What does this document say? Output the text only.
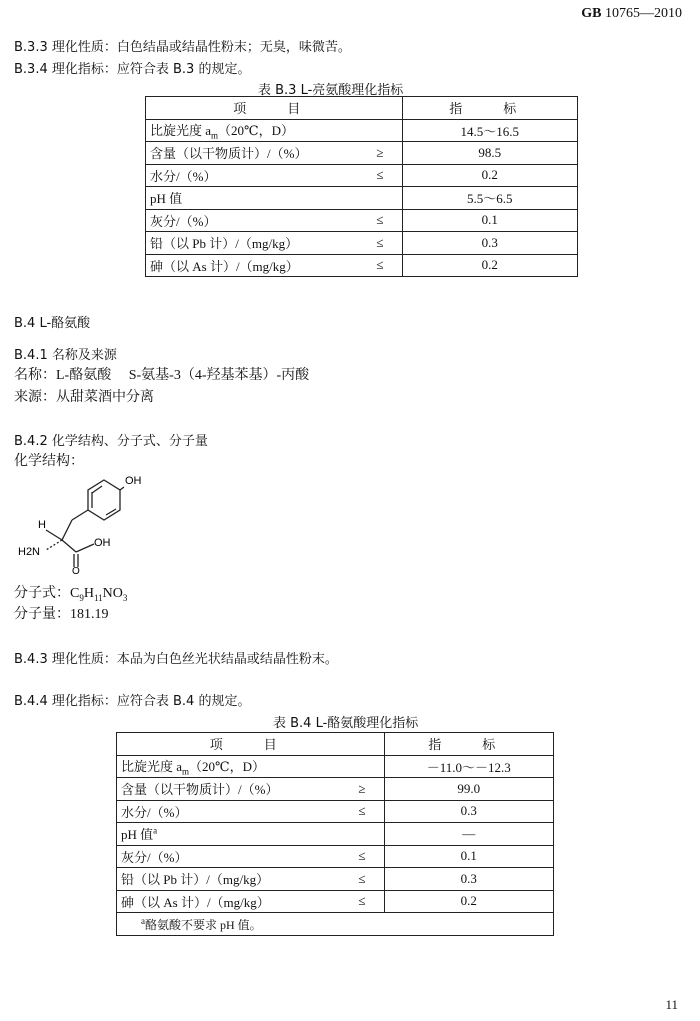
GB 10765—2010
B.3.3 理化性质：白色结晶或结晶性粉末；无臭，味微苦。
B.3.4 理化指标：应符合表 B.3 的规定。
表 B.3 L-亮氨酸理化指标
项　目		指　标
比旋光度 $a_m(20℃$，D）		14.5～16.5
含量（以干物质计）/（%）	≥	98.5
水分/（%）	≤	0.2
pH 值		5.5～6.5
灰分/（%）	≤	0.1
铅（以 Pb 计）/（mg/kg）	≤	0.3
砷（以 As 计）/（mg/kg）	≤	0.2
B.4 L-酪氨酸
B.4.1 名称及来源
名称：L-酪氨酸　 S-氨基-3（4-羟基苯基）-丙酸
来源：从甜菜酒中分离
B.4.2 化学结构、分子式、分子量
化学结构：
OH
H
H2N
OH
O
分子式：$C_9H_{11}NO_3$
分子量：181.19
B.4.3 理化性质：本品为白色丝光状结晶或结晶性粉末。
B.4.4 理化指标：应符合表 B.4 的规定。
表 B.4 L-酪氨酸理化指标
项　目		指　标
比旋光度 $a_m(20℃$，D）		－11.0～－12.3
含量（以干物质计）/（%）	≥	99.0
水分/（%）	≤	0.3
pH 值$^a$		—
灰分/（%）	≤	0.1
铅（以 Pb 计）/（mg/kg）	≤	0.3
砷（以 As 计）/（mg/kg）	≤	0.2
$^a$酪氨酸不要求 pH 值。		
11
